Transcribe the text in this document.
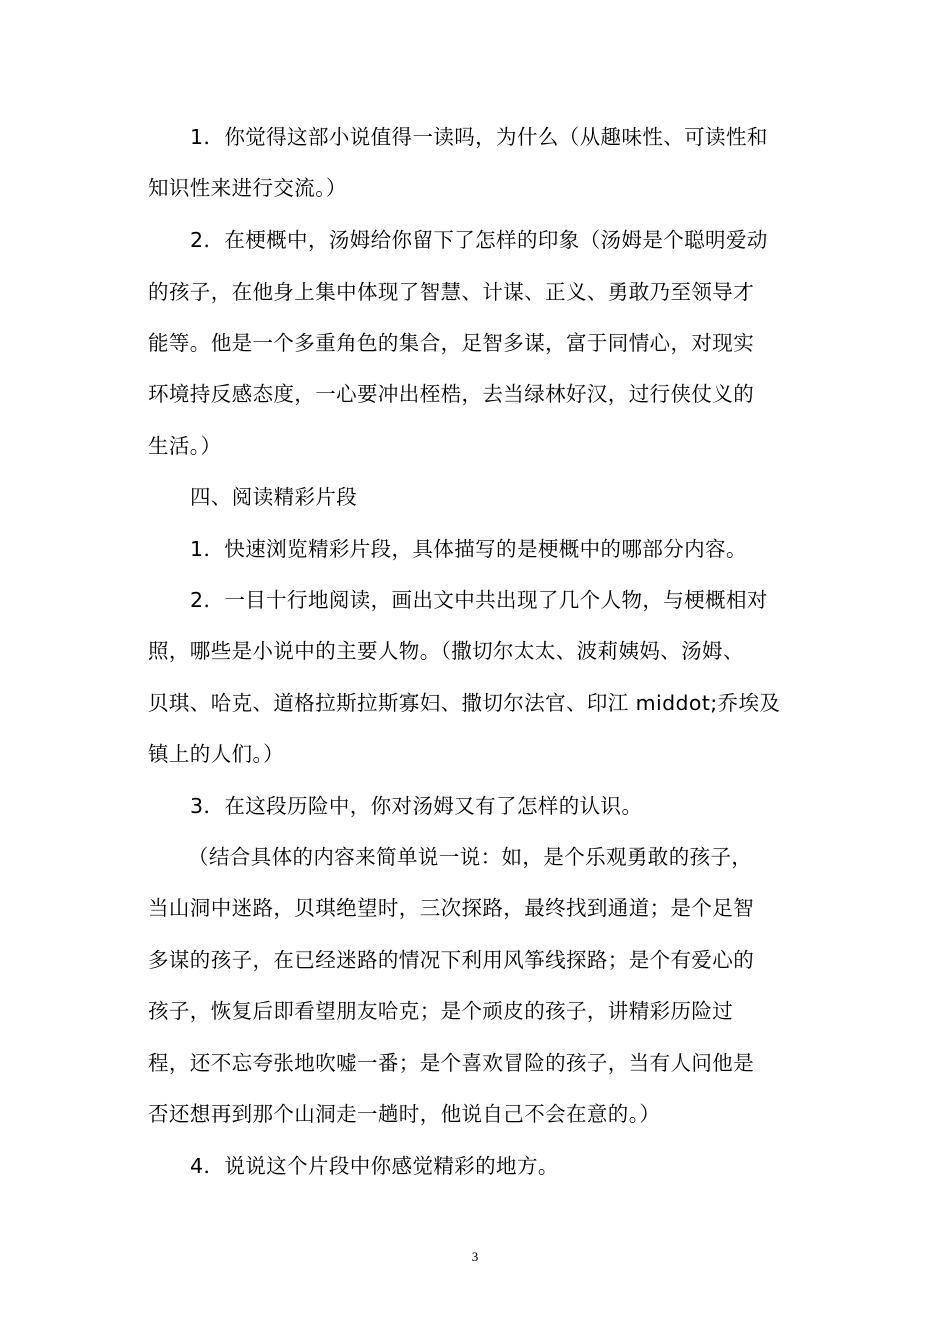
1．你觉得这部小说值得一读吗，为什么（从趣味性、可读性和
知识性来进行交流。）
2．在梗概中，汤姆给你留下了怎样的印象（汤姆是个聪明爱动
的孩子，在他身上集中体现了智慧、计谋、正义、勇敢乃至领导才
能等。他是一个多重角色的集合，足智多谋，富于同情心，对现实
环境持反感态度，一心要冲出桎梏，去当绿林好汉，过行侠仗义的
生活。）
四、阅读精彩片段
1．快速浏览精彩片段，具体描写的是梗概中的哪部分内容。
2．一目十行地阅读，画出文中共出现了几个人物，与梗概相对
照，哪些是小说中的主要人物。（撒切尔太太、波莉姨妈、汤姆、
贝琪、哈克、道格拉斯拉斯寡妇、撒切尔法官、印江 middot;乔埃及
镇上的人们。）
3．在这段历险中，你对汤姆又有了怎样的认识。
（结合具体的内容来简单说一说：如，是个乐观勇敢的孩子，
当山洞中迷路，贝琪绝望时，三次探路，最终找到通道；是个足智
多谋的孩子，在已经迷路的情况下利用风筝线探路；是个有爱心的
孩子，恢复后即看望朋友哈克；是个顽皮的孩子，讲精彩历险过
程，还不忘夸张地吹嘘一番；是个喜欢冒险的孩子，当有人问他是
否还想再到那个山洞走一趟时，他说自己不会在意的。）
4．说说这个片段中你感觉精彩的地方。
3
